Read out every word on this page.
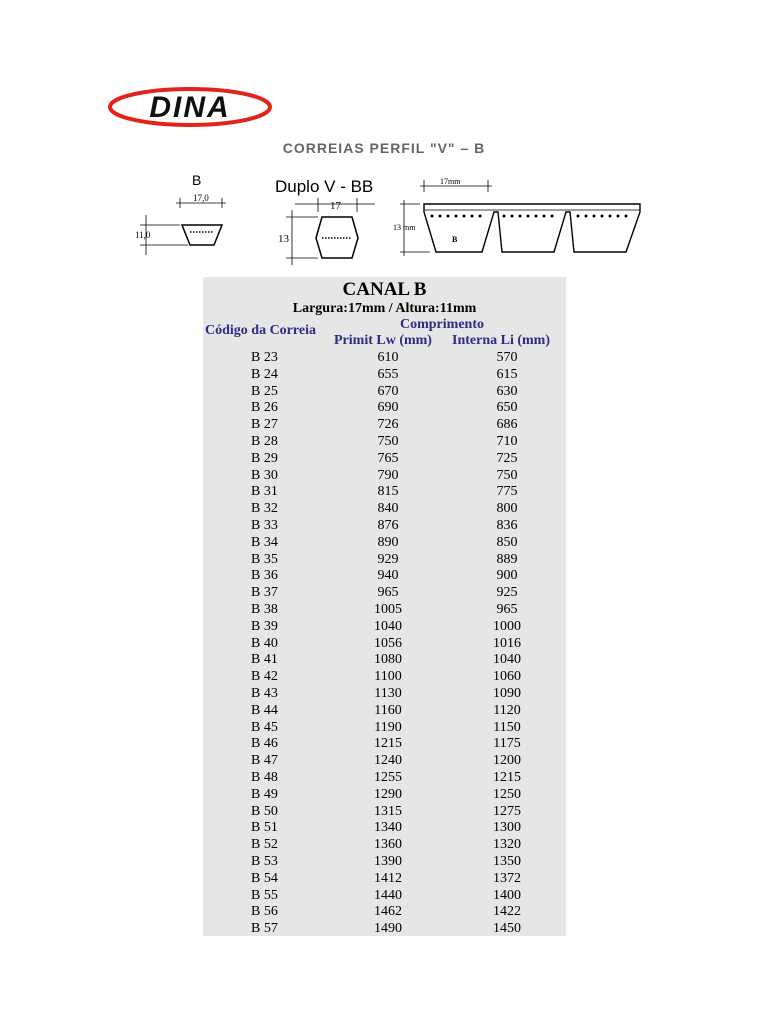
DINA
CORREIAS PERFIL "V" – B
B
17,0
11,0
Duplo V - BB
17
13
17mm
13 mm
B
CANAL B
Largura:17mm / Altura:11mm
Código da Correia	Comprimento
Primit Lw (mm) Interna Li (mm)
B 23	610	570
B 24	655	615
B 25	670	630
B 26	690	650
B 27	726	686
B 28	750	710
B 29	765	725
B 30	790	750
B 31	815	775
B 32	840	800
B 33	876	836
B 34	890	850
B 35	929	889
B 36	940	900
B 37	965	925
B 38	1005	965
B 39	1040	1000
B 40	1056	1016
B 41	1080	1040
B 42	1100	1060
B 43	1130	1090
B 44	1160	1120
B 45	1190	1150
B 46	1215	1175
B 47	1240	1200
B 48	1255	1215
B 49	1290	1250
B 50	1315	1275
B 51	1340	1300
B 52	1360	1320
B 53	1390	1350
B 54	1412	1372
B 55	1440	1400
B 56	1462	1422
B 57	1490	1450
